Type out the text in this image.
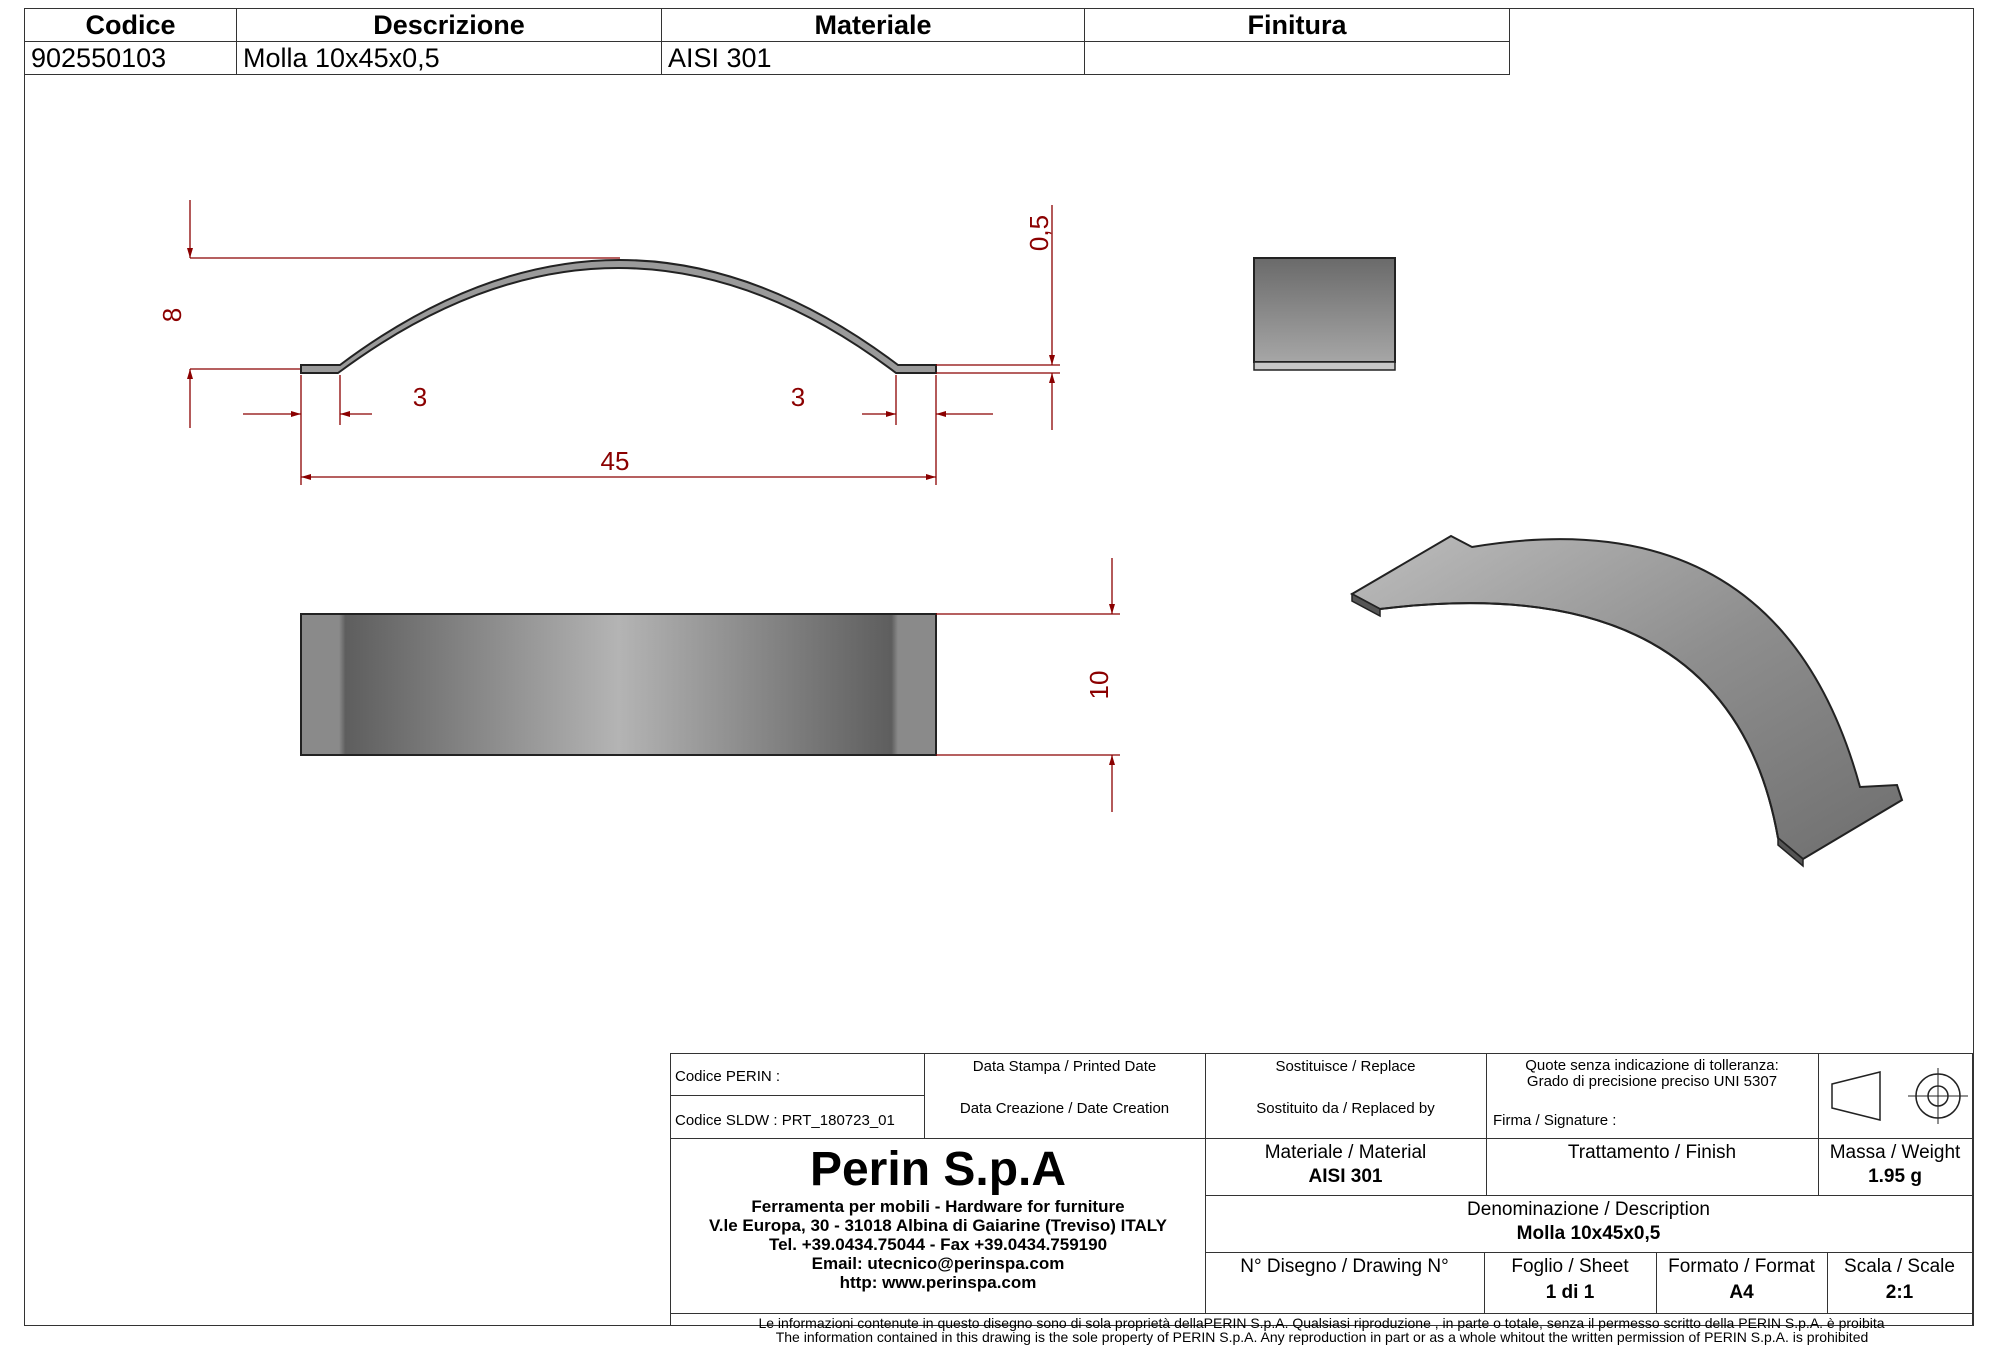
Codice	Descrizione	Materiale	Finitura
902550103	Molla 10x45x0,5	AISI 301	
8
0,5
3	3
45
10
Codice PERIN :
Codice SLDW : PRT_180723_01
Data Stampa / Printed Date
Data Creazione / Date Creation
Sostituisce / Replace
Sostituito da / Replaced by
Quote senza indicazione di tolleranza:
Grado di precisione preciso UNI 5307
Firma / Signature :
Perin S.p.A
Ferramenta per mobili - Hardware for furniture
V.le Europa, 30 - 31018 Albina di Gaiarine (Treviso) ITALY
Tel. +39.0434.75044 - Fax +39.0434.759190
Email: utecnico@perinspa.com
http: www.perinspa.com
Materiale / Material
AISI 301
Trattamento / Finish	Massa / Weight
1.95 g
Denominazione / Description
Molla 10x45x0,5
N° Disegno / Drawing N°	Foglio / Sheet
1 di 1
Formato / Format
A4
Scala / Scale
2:1
Le informazioni contenute in questo disegno sono di sola proprietà dellaPERIN S.p.A. Qualsiasi riproduzione , in parte o totale, senza il permesso scritto della PERIN S.p.A. è proibita
The information contained in this drawing is the sole property of PERIN S.p.A. Any reproduction in part or as a whole whitout the written permission of PERIN S.p.A. is prohibited
